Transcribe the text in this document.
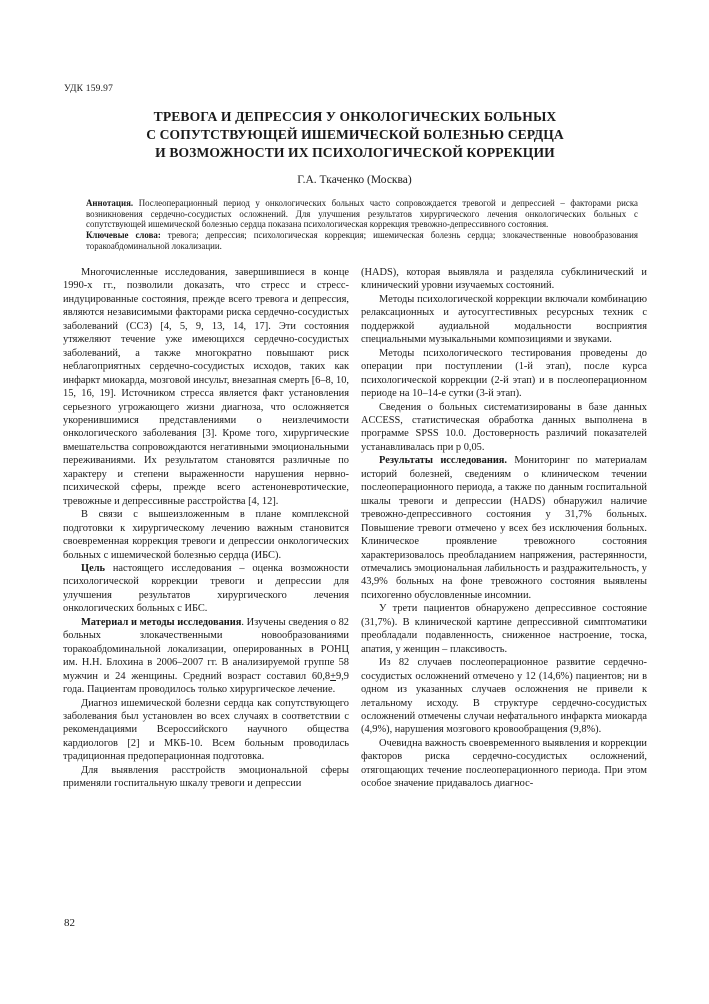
УДК 159.97
ТРЕВОГА И ДЕПРЕССИЯ У ОНКОЛОГИЧЕСКИХ БОЛЬНЫХ
С СОПУТСТВУЮЩЕЙ ИШЕМИЧЕСКОЙ БОЛЕЗНЬЮ СЕРДЦА
И ВОЗМОЖНОСТИ ИХ ПСИХОЛОГИЧЕСКОЙ КОРРЕКЦИИ
Г.А. Ткаченко (Москва)
Аннотация. Послеоперационный период у онкологических больных часто сопровождается тревогой и депрессией – факторами риска возникновения сердечно-сосудистых осложнений. Для улучшения результатов хирургического лечения онкологических больных с сопутствующей ишемической болезнью сердца показана психологическая коррекция тревожно-депрессивного состояния.
Ключевые слова: тревога; депрессия; психологическая коррекция; ишемическая болезнь сердца; злокачественные новообразования торакоабдоминальной локализации.

Многочисленные исследования, завершившиеся в конце 1990-х гг., позволили доказать, что стресс и стресс-индуцированные состояния, прежде всего тревога и депрессия, являются независимыми факторами риска сердечно-сосудистых заболеваний (ССЗ) [4, 5, 9, 13, 14, 17]. Эти состояния утяжеляют течение уже имеющихся сердечно-сосудистых заболеваний, а также многократно повышают риск неблагоприятных сердечно-сосудистых исходов, таких как инфаркт миокарда, мозговой инсульт, внезапная смерть [6–8, 10, 15, 16, 19]. Источником стресса является факт установления серьезного угрожающего жизни диагноза, что осложняется укоренившимися представлениями о неизлечимости онкологического заболевания [3]. Кроме того, хирургические вмешательства сопровождаются негативными эмоциональными переживаниями. Их результатом становятся различные по характеру и степени выраженности нарушения нервно-психической сферы, прежде всего астеноневротические, тревожные и депрессивные расстройства [4, 12].

В связи с вышеизложенным в плане комплексной подготовки к хирургическому лечению важным становится своевременная коррекция тревоги и депрессии онкологических больных с ишемической болезнью сердца (ИБС).

Цель настоящего исследования – оценка возможности психологической коррекции тревоги и депрессии для улучшения результатов хирургического лечения онкологических больных с ИБС.

Материал и методы исследования. Изучены сведения о 82 больных злокачественными новообразованиями торакоабдоминальной локализации, оперированных в РОНЦ им. Н.Н. Блохина в 2006–2007 гг. В анализируемой группе 58 мужчин и 24 женщины. Средний возраст составил 60,8+9,9 года. Пациентам проводилось только хирургическое лечение.

Диагноз ишемической болезни сердца как сопутствующего заболевания был установлен во всех случаях в соответствии с рекомендациями Всероссийского научного общества кардиологов [2] и МКБ-10. Всем больным проводилась традиционная предоперационная подготовка.

Для выявления расстройств эмоциональной сферы применяли госпитальную шкалу тревоги и депрессии

(HADS), которая выявляла и разделяла субклинический и клинический уровни изучаемых состояний.

Методы психологической коррекции включали комбинацию релаксационных и аутосуггестивных ресурсных техник с поддержкой аудиальной модальности восприятия специальными музыкальными композициями и звуками.

Методы психологического тестирования проведены до операции при поступлении (1-й этап), после курса психологической коррекции (2-й этап) и в послеоперационном периоде на 10–14-е сутки (3-й этап).

Сведения о больных систематизированы в базе данных ACCESS, статистическая обработка данных выполнена в программе SPSS 10.0. Достоверность различий показателей устанавливалась при p 0,05.

Результаты исследования. Мониторинг по материалам историй болезней, сведениям о клиническом течении послеоперационного периода, а также по данным госпитальной шкалы тревоги и депрессии (HADS) обнаружил наличие тревожно-депрессивного состояния у 31,7% больных. Повышение тревоги отмечено у всех без исключения больных. Клиническое проявление тревожного состояния характеризовалось преобладанием напряжения, растерянности, отмечались эмоциональная лабильность и раздражительность, у 43,9% больных на фоне тревожного состояния выявлены психогенно обусловленные инсомнии.

У трети пациентов обнаружено депрессивное состояние (31,7%). В клинической картине депрессивной симптоматики преобладали подавленность, сниженное настроение, тоска, апатия, у женщин – плаксивость.

Из 82 случаев послеоперационное развитие сердечно-сосудистых осложнений отмечено у 12 (14,6%) пациентов; ни в одном из указанных случаев осложнения не привели к летальному исходу. В структуре сердечно-сосудистых осложнений отмечены случаи нефатального инфаркта миокарда (4,9%), нарушения мозгового кровообращения (9,8%).

Очевидна важность своевременного выявления и коррекции факторов риска сердечно-сосудистых осложнений, отягощающих течение послеоперационного периода. При этом особое значение придавалось диагнос-

82
